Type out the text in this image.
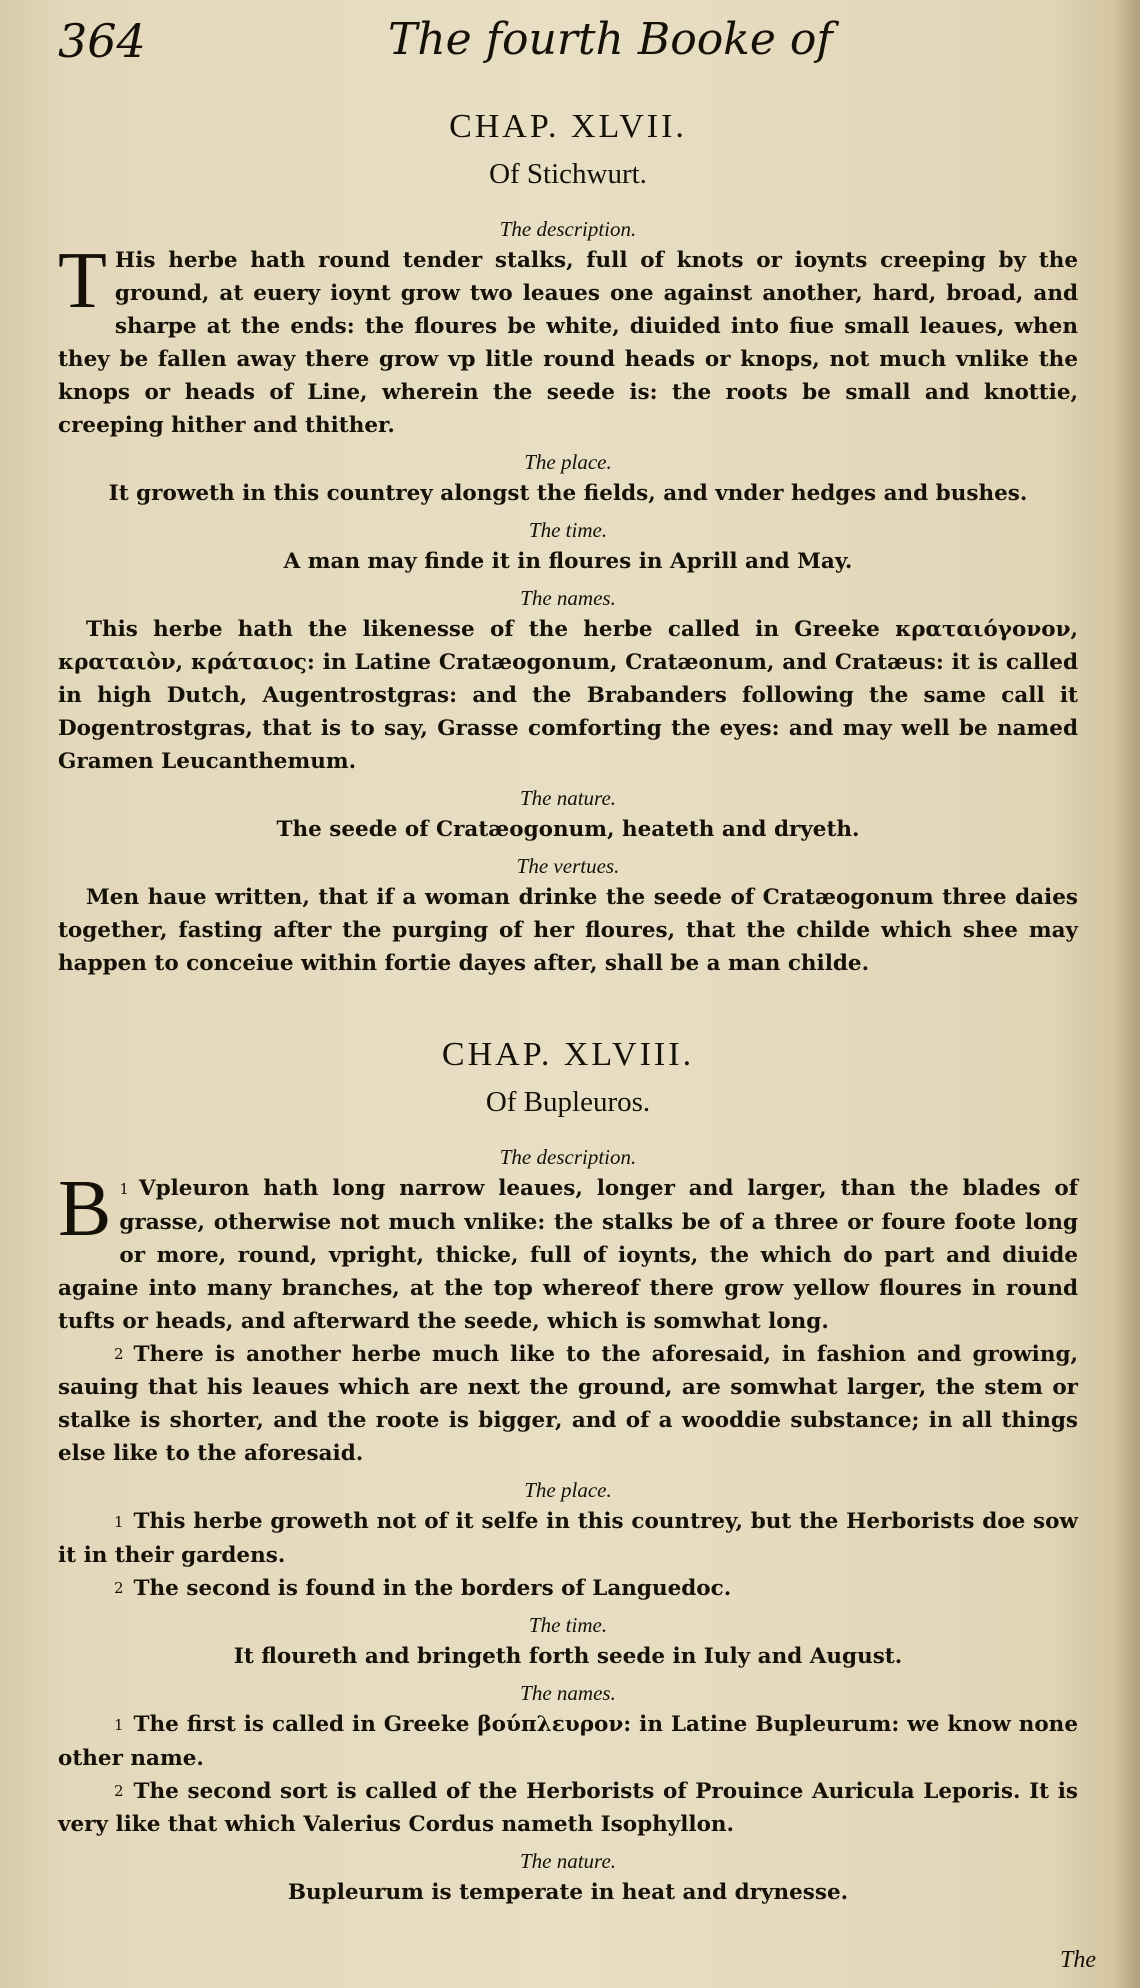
364	The fourth Booke of
CHAP. XLVII.
Of Stichwurt.
The description.

T His herbe hath round tender stalks, full of knots or ioynts creeping by the ground, at euery ioynt grow two leaues one against another, hard, broad, and sharpe at the ends: the floures be white, diuided into fiue small leaues, when they be fallen away there grow vp litle round heads or knops, not much vnlike the knops or heads of Line, wherein the seede is: the roots be small and knottie, creeping hither and thither.

The place.

It groweth in this countrey alongst the fields, and vnder hedges and bushes.

The time.

A man may finde it in floures in Aprill and May.

The names.

This herbe hath the likenesse of the herbe called in Greeke κραταιόγονον, κραταιὸν, κράταιος: in Latine Cratæogonum, Cratæonum, and Cratæus: it is called in high Dutch, Augentrostgras: and the Brabanders following the same call it Dogentrostgras, that is to say, Grasse comforting the eyes: and may well be named Gramen Leucanthemum.

The nature.

The seede of Cratæogonum, heateth and dryeth.

The vertues.

Men haue written, that if a woman drinke the seede of Cratæogonum three daies together, fasting after the purging of her floures, that the childe which shee may happen to conceiue within fortie dayes after, shall be a man childe.

CHAP. XLVIII.
Of Bupleuros.
The description.

1
B Vpleuron hath long narrow leaues, longer and larger, than the blades of grasse, otherwise not much vnlike: the stalks be of a three or foure foote long or more, round, vpright, thicke, full of ioynts, the which do part and diuide againe into many branches, at the top whereof there grow yellow floures in round tufts or heads, and afterward the seede, which is somwhat long.

2 There is another herbe much like to the aforesaid, in fashion and growing, sauing that his leaues which are next the ground, are somwhat larger, the stem or stalke is shorter, and the roote is bigger, and of a wooddie substance; in all things else like to the aforesaid.

The place.

1 This herbe groweth not of it selfe in this countrey, but the Herborists doe sow it in their gardens.

2 The second is found in the borders of Languedoc.

The time.

It floureth and bringeth forth seede in Iuly and August.

The names.

1 The first is called in Greeke βούπλευρον: in Latine Bupleurum: we know none other name.

2 The second sort is called of the Herborists of Prouince Auricula Leporis. It is very like that which Valerius Cordus nameth Isophyllon.

The nature.

Bupleurum is temperate in heat and drynesse.

The
